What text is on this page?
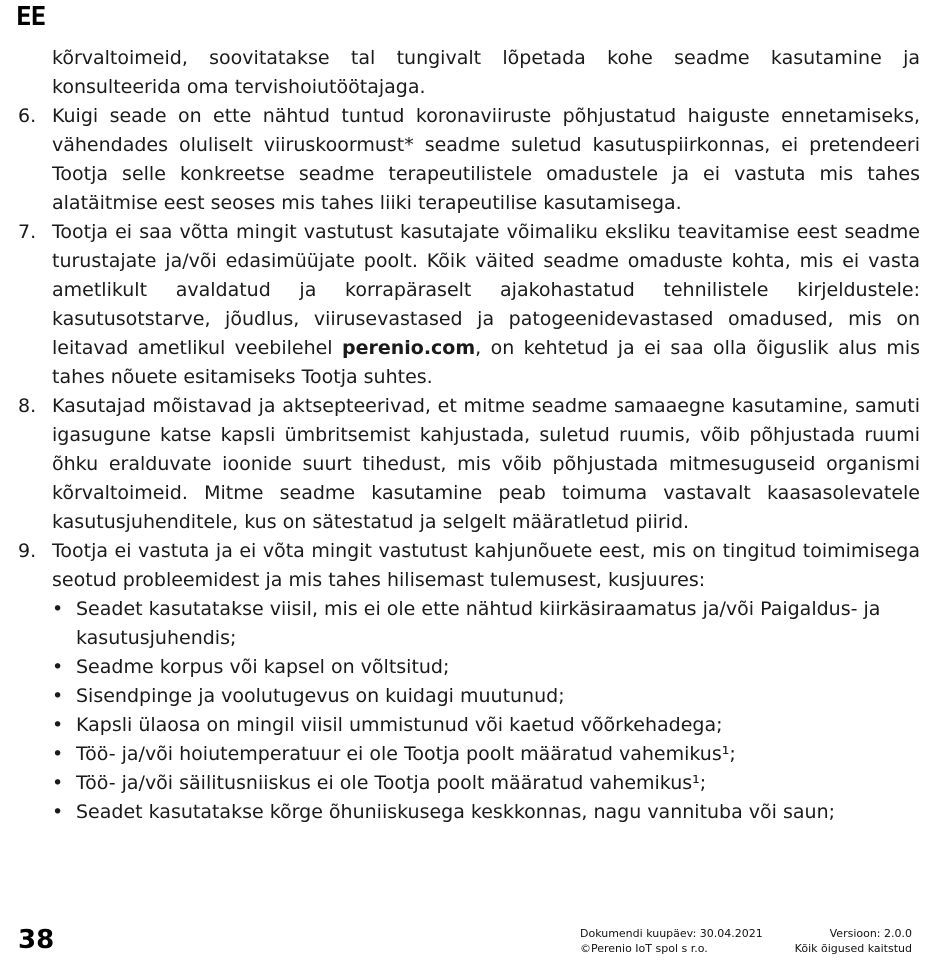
EE
kõrvaltoimeid, soovitatakse tal tungivalt lõpetada kohe seadme kasutamine ja konsulteerida oma tervishoiutöötajaga.
6. Kuigi seade on ette nähtud tuntud koronaviiruste põhjustatud haiguste ennetamiseks, vähendades oluliselt viiruskoormust* seadme suletud kasutuspiirkonnas, ei pretendeeri Tootja selle konkreetse seadme terapeutilistele omadustele ja ei vastuta mis tahes alatäitmise eest seoses mis tahes liiki terapeutilise kasutamisega.
7. Tootja ei saa võtta mingit vastutust kasutajate võimaliku eksliku teavitamise eest seadme turustajate ja/või edasimüüjate poolt. Kõik väited seadme omaduste kohta, mis ei vasta ametlikult avaldatud ja korrapäraselt ajakohastatud tehnilistele kirjeldustele: kasutusotstarve, jõudlus, viirusevastased ja patogeenidevastased omadused, mis on leitavad ametlikul veebilehel perenio.com, on kehtetud ja ei saa olla õiguslik alus mis tahes nõuete esitamiseks Tootja suhtes.
8. Kasutajad mõistavad ja aktsepteerivad, et mitme seadme samaaegne kasutamine, samuti igasugune katse kapsli ümbritsemist kahjustada, suletud ruumis, võib põhjustada ruumi õhku eralduvate ioonide suurt tihedust, mis võib põhjustada mitmesuguseid organismi kõrvaltoimeid. Mitme seadme kasutamine peab toimuma vastavalt kaasasolevatele kasutusjuhenditele, kus on sätestatud ja selgelt määratletud piirid.
9. Tootja ei vastuta ja ei võta mingit vastutust kahjunõuete eest, mis on tingitud toimimisega seotud probleemidest ja mis tahes hilisemast tulemusest, kusjuures:
• Seadet kasutatakse viisil, mis ei ole ette nähtud kiirkäsiraamatus ja/või Paigaldus- ja kasutusjuhendis;
• Seadme korpus või kapsel on võltsitud;
• Sisendpinge ja voolutugevus on kuidagi muutunud;
• Kapsli ülaosa on mingil viisil ummistunud või kaetud võõrkehadega;
• Töö- ja/või hoiutemperatuur ei ole Tootja poolt määratud vahemikus¹;
• Töö- ja/või säilitusniiskus ei ole Tootja poolt määratud vahemikus¹;
• Seadet kasutatakse kõrge õhuniiskusega keskkonnas, nagu vannituba või saun;
38	Dokumendi kuupäev: 30.04.2021	Versioon: 2.0.0
©Perenio IoT spol s r.o.	Kõik õigused kaitstud
